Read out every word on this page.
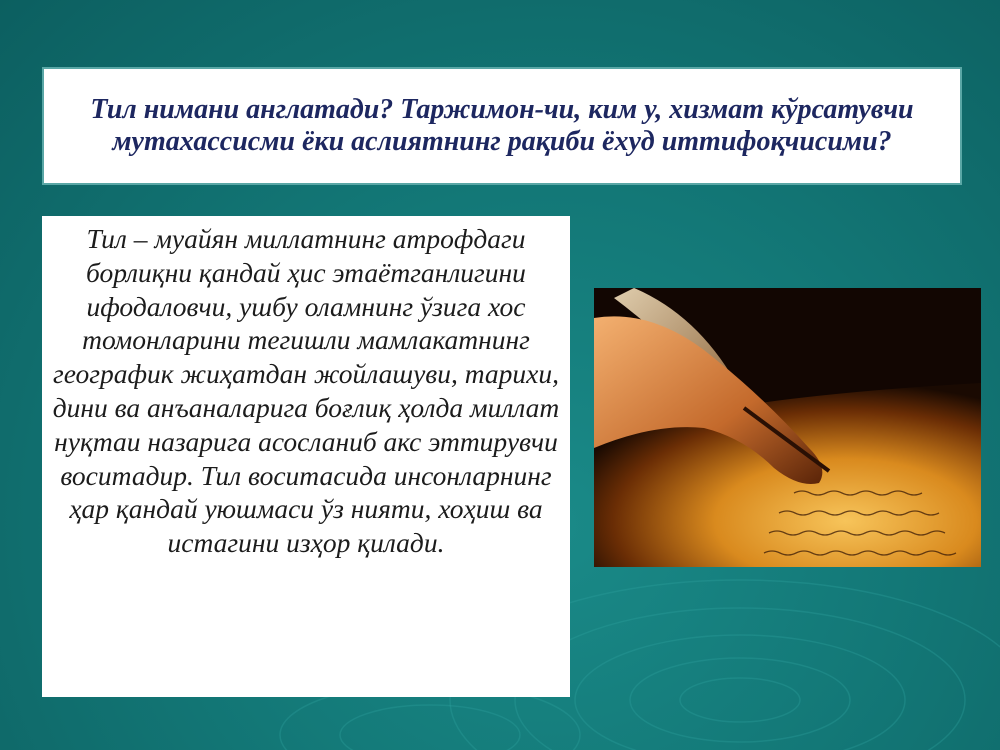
Тил нимани англатади? Таржимон-чи, ким у, хизмат кўрсатувчи мутахассисми ёки аслиятнинг рақиби ёхуд иттифоқчисими?

Тил – муайян миллатнинг атрофдаги борлиқни қандай ҳис этаётганлигини ифодаловчи, ушбу оламнинг ўзига хос томонларини тегишли мамлакатнинг географик жиҳатдан жойлашуви, тарихи, дини ва анъаналарига боғлиқ ҳолда миллат нуқтаи назарига асосланиб акс эттирувчи воситадир. Тил воситасида инсонларнинг ҳар қандай уюшмаси ўз нияти, хоҳиш ва истагини изҳор қилади.
